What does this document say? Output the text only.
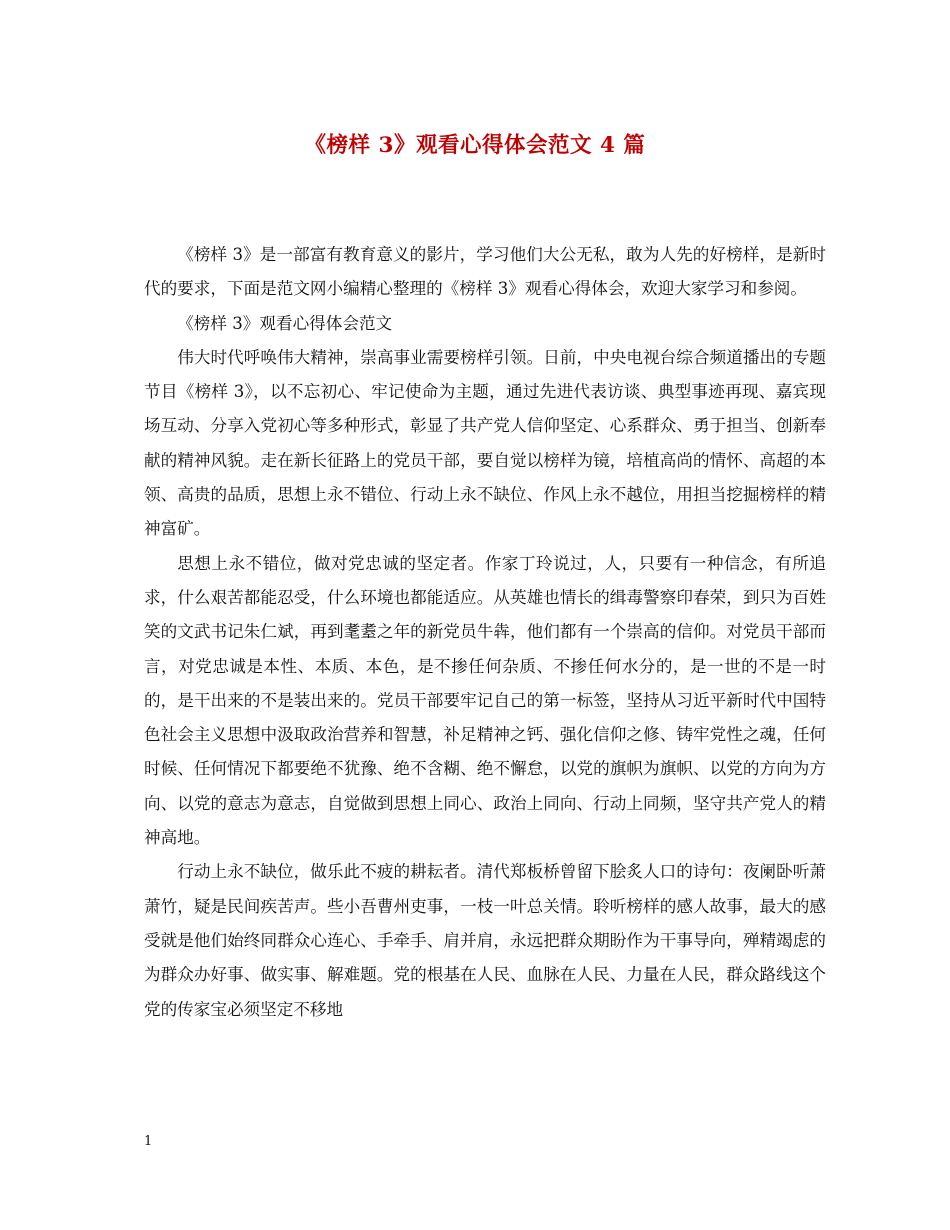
《榜样 3》观看心得体会范文 4 篇

《榜样 3》是一部富有教育意义的影片，学习他们大公无私，敢为人先的好榜样，是新时代的要求，下面是范文网小编精心整理的《榜样 3》观看心得体会，欢迎大家学习和参阅。

《榜样 3》观看心得体会范文

伟大时代呼唤伟大精神，崇高事业需要榜样引领。日前，中央电视台综合频道播出的专题节目《榜样 3》，以不忘初心、牢记使命为主题，通过先进代表访谈、典型事迹再现、嘉宾现场互动、分享入党初心等多种形式，彰显了共产党人信仰坚定、心系群众、勇于担当、创新奉献的精神风貌。走在新长征路上的党员干部，要自觉以榜样为镜，培植高尚的情怀、高超的本领、高贵的品质，思想上永不错位、行动上永不缺位、作风上永不越位，用担当挖掘榜样的精神富矿。

思想上永不错位，做对党忠诚的坚定者。作家丁玲说过，人，只要有一种信念，有所追求，什么艰苦都能忍受，什么环境也都能适应。从英雄也情长的缉毒警察印春荣，到只为百姓笑的文武书记朱仁斌，再到耄耋之年的新党员牛犇，他们都有一个崇高的信仰。对党员干部而言，对党忠诚是本性、本质、本色，是不掺任何杂质、不掺任何水分的，是一世的不是一时的，是干出来的不是装出来的。党员干部要牢记自己的第一标签，坚持从习近平新时代中国特色社会主义思想中汲取政治营养和智慧，补足精神之钙、强化信仰之修、铸牢党性之魂，任何时候、任何情况下都要绝不犹豫、绝不含糊、绝不懈怠，以党的旗帜为旗帜、以党的方向为方向、以党的意志为意志，自觉做到思想上同心、政治上同向、行动上同频，坚守共产党人的精神高地。

行动上永不缺位，做乐此不疲的耕耘者。清代郑板桥曾留下脍炙人口的诗句：夜阑卧听萧萧竹，疑是民间疾苦声。些小吾曹州吏事，一枝一叶总关情。聆听榜样的感人故事，最大的感受就是他们始终同群众心连心、手牵手、肩并肩，永远把群众期盼作为干事导向，殚精竭虑的为群众办好事、做实事、解难题。党的根基在人民、血脉在人民、力量在人民，群众路线这个党的传家宝必须坚定不移地

1
